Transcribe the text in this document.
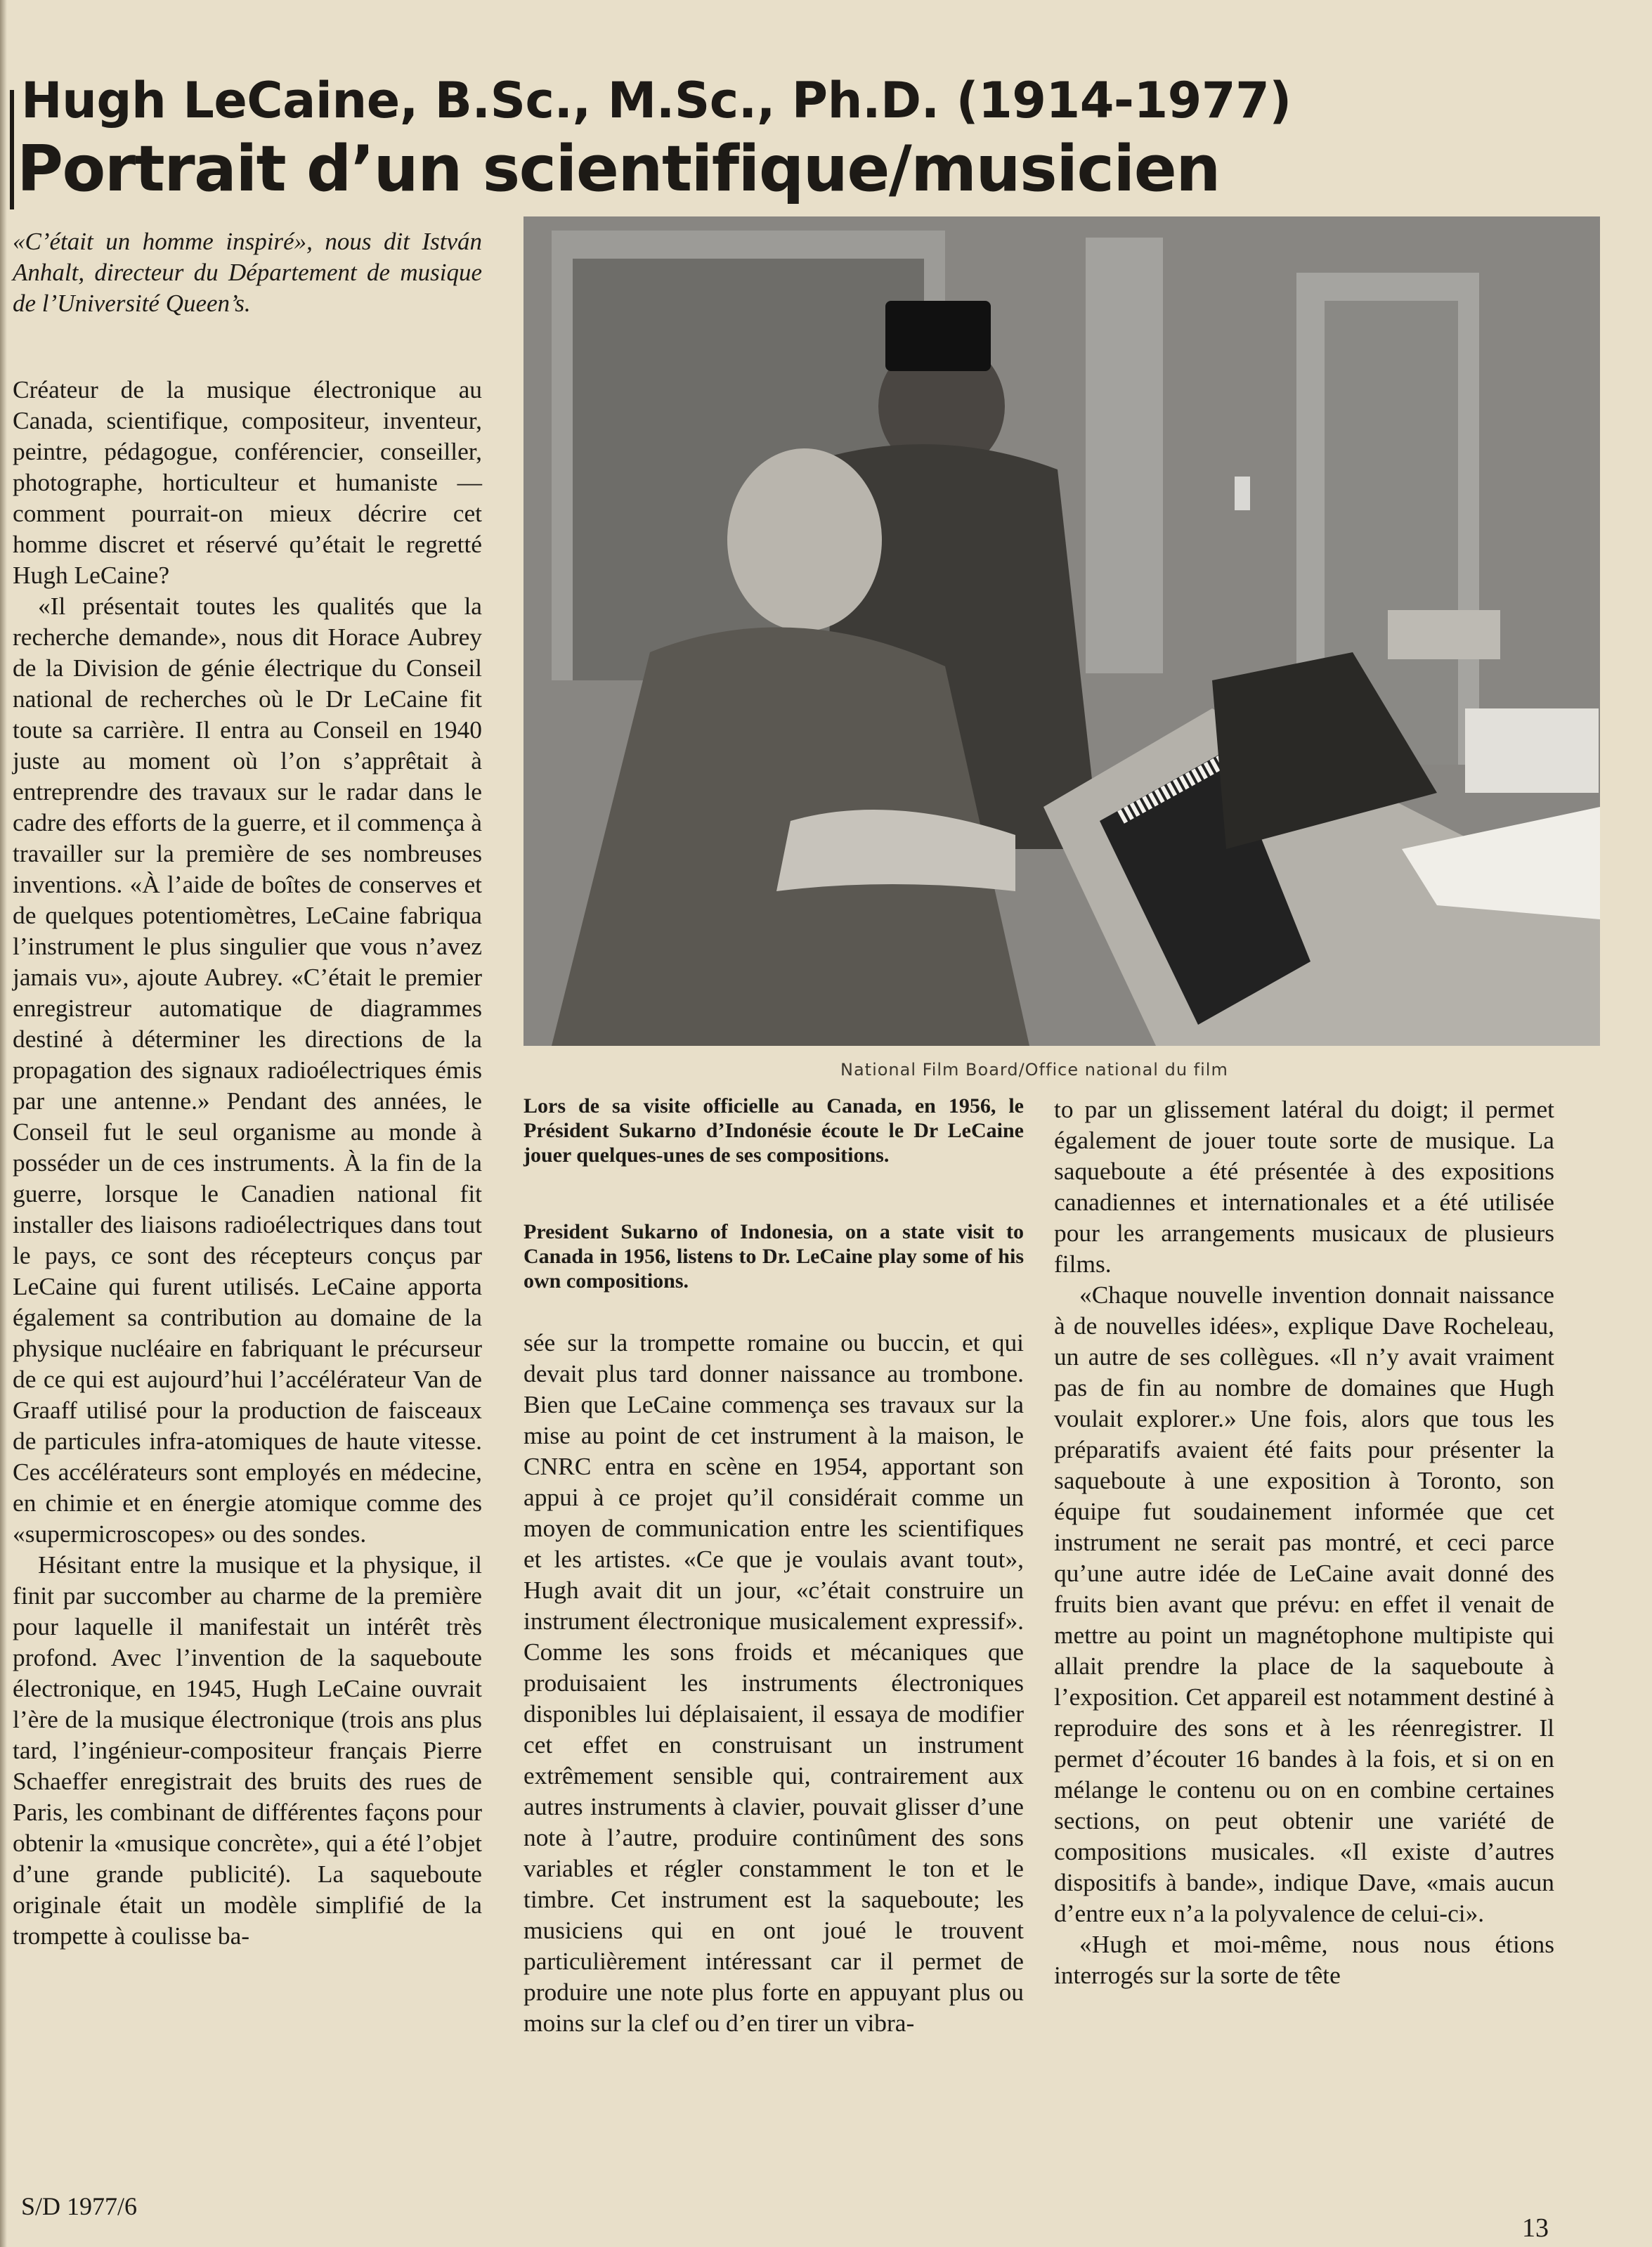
Hugh LeCaine, B.Sc., M.Sc., Ph.D. (1914-1977)
Portrait d’un scientifique/musicien
«C’était un homme inspiré», nous dit István Anhalt, directeur du Département de musique de l’Université Queen’s.

Créateur de la musique électronique au Canada, scientifique, compositeur, inventeur, peintre, pédagogue, conférencier, conseiller, photographe, horticulteur et humaniste — comment pourrait-on mieux décrire cet homme discret et réservé qu’était le regretté Hugh LeCaine?

«Il présentait toutes les qualités que la recherche demande», nous dit Horace Aubrey de la Division de génie électrique du Conseil national de recherches où le Dr LeCaine fit toute sa carrière. Il entra au Conseil en 1940 juste au moment où l’on s’apprêtait à entreprendre des travaux sur le radar dans le cadre des efforts de la guerre, et il commença à travailler sur la première de ses nombreuses inventions. «À l’aide de boîtes de conserves et de quelques potentiomètres, LeCaine fabriqua l’instrument le plus singulier que vous n’avez jamais vu», ajoute Aubrey. «C’était le premier enregistreur automatique de diagrammes destiné à déterminer les directions de la propagation des signaux radioélectriques émis par une antenne.» Pendant des années, le Conseil fut le seul organisme au monde à posséder un de ces instruments. À la fin de la guerre, lorsque le Canadien national fit installer des liaisons radioélectriques dans tout le pays, ce sont des récepteurs conçus par LeCaine qui furent utilisés. LeCaine apporta également sa contribution au domaine de la physique nucléaire en fabriquant le précurseur de ce qui est aujourd’hui l’accélérateur Van de Graaff utilisé pour la production de faisceaux de particules infra-atomiques de haute vitesse. Ces accélérateurs sont employés en médecine, en chimie et en énergie atomique comme des «supermicroscopes» ou des sondes.

Hésitant entre la musique et la physique, il finit par succomber au charme de la première pour laquelle il manifestait un intérêt très profond. Avec l’invention de la saqueboute électronique, en 1945, Hugh LeCaine ouvrait l’ère de la musique électronique (trois ans plus tard, l’ingénieur-compositeur français Pierre Schaeffer enregistrait des bruits des rues de Paris, les combinant de différentes façons pour obtenir la «musique concrète», qui a été l’objet d’une grande publicité). La saqueboute originale était un modèle simplifié de la trompette à coulisse ba-

National Film Board/Office national du film
Lors de sa visite officielle au Canada, en 1956, le Président Sukarno d’Indonésie écoute le Dr LeCaine jouer quelques-unes de ses compositions.
President Sukarno of Indonesia, on a state visit to Canada in 1956, listens to Dr. LeCaine play some of his own compositions.

sée sur la trompette romaine ou buccin, et qui devait plus tard donner naissance au trombone. Bien que LeCaine commença ses travaux sur la mise au point de cet instrument à la maison, le CNRC entra en scène en 1954, apportant son appui à ce projet qu’il considérait comme un moyen de communication entre les scientifiques et les artistes. «Ce que je voulais avant tout», Hugh avait dit un jour, «c’était construire un instrument électronique musicalement expressif». Comme les sons froids et mécaniques que produisaient les instruments électroniques disponibles lui déplaisaient, il essaya de modifier cet effet en construisant un instrument extrêmement sensible qui, contrairement aux autres instruments à clavier, pouvait glisser d’une note à l’autre, produire continûment des sons variables et régler constamment le ton et le timbre. Cet instrument est la saqueboute; les musiciens qui en ont joué le trouvent particulièrement intéressant car il permet de produire une note plus forte en appuyant plus ou moins sur la clef ou d’en tirer un vibra-

to par un glissement latéral du doigt; il permet également de jouer toute sorte de musique. La saqueboute a été présentée à des expositions canadiennes et internationales et a été utilisée pour les arrangements musicaux de plusieurs films.

«Chaque nouvelle invention donnait naissance à de nouvelles idées», explique Dave Rocheleau, un autre de ses collègues. «Il n’y avait vraiment pas de fin au nombre de domaines que Hugh voulait explorer.» Une fois, alors que tous les préparatifs avaient été faits pour présenter la saqueboute à une exposition à Toronto, son équipe fut soudainement informée que cet instrument ne serait pas montré, et ceci parce qu’une autre idée de LeCaine avait donné des fruits bien avant que prévu: en effet il venait de mettre au point un magnétophone multipiste qui allait prendre la place de la saqueboute à l’exposition. Cet appareil est notamment destiné à reproduire des sons et à les réenregistrer. Il permet d’écouter 16 bandes à la fois, et si on en mélange le contenu ou on en combine certaines sections, on peut obtenir une variété de compositions musicales. «Il existe d’autres dispositifs à bande», indique Dave, «mais aucun d’entre eux n’a la polyvalence de celui-ci».

«Hugh et moi-même, nous nous étions interrogés sur la sorte de tête

S/D 1977/6
13
